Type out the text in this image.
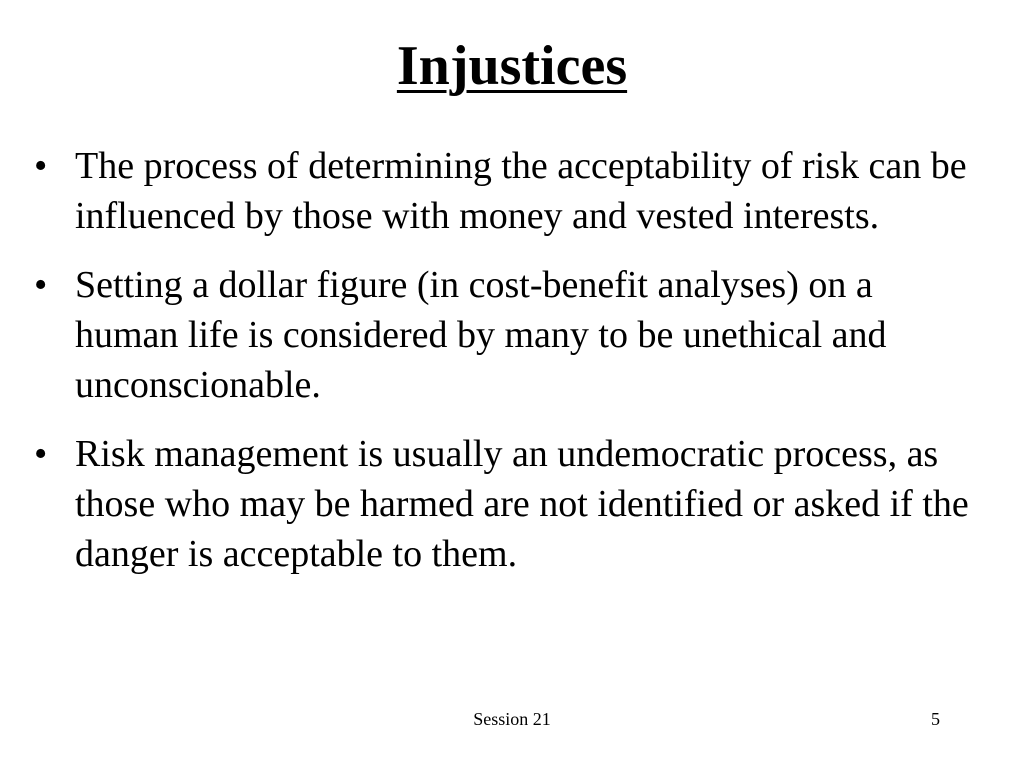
Injustices
• The process of determining the acceptability of risk can be influenced by those with money and vested interests.
• Setting a dollar figure (in cost-benefit analyses) on a human life is considered by many to be unethical and unconscionable.
• Risk management is usually an undemocratic process, as those who may be harmed are not identified or asked if the danger is acceptable to them.
Session 21	5
